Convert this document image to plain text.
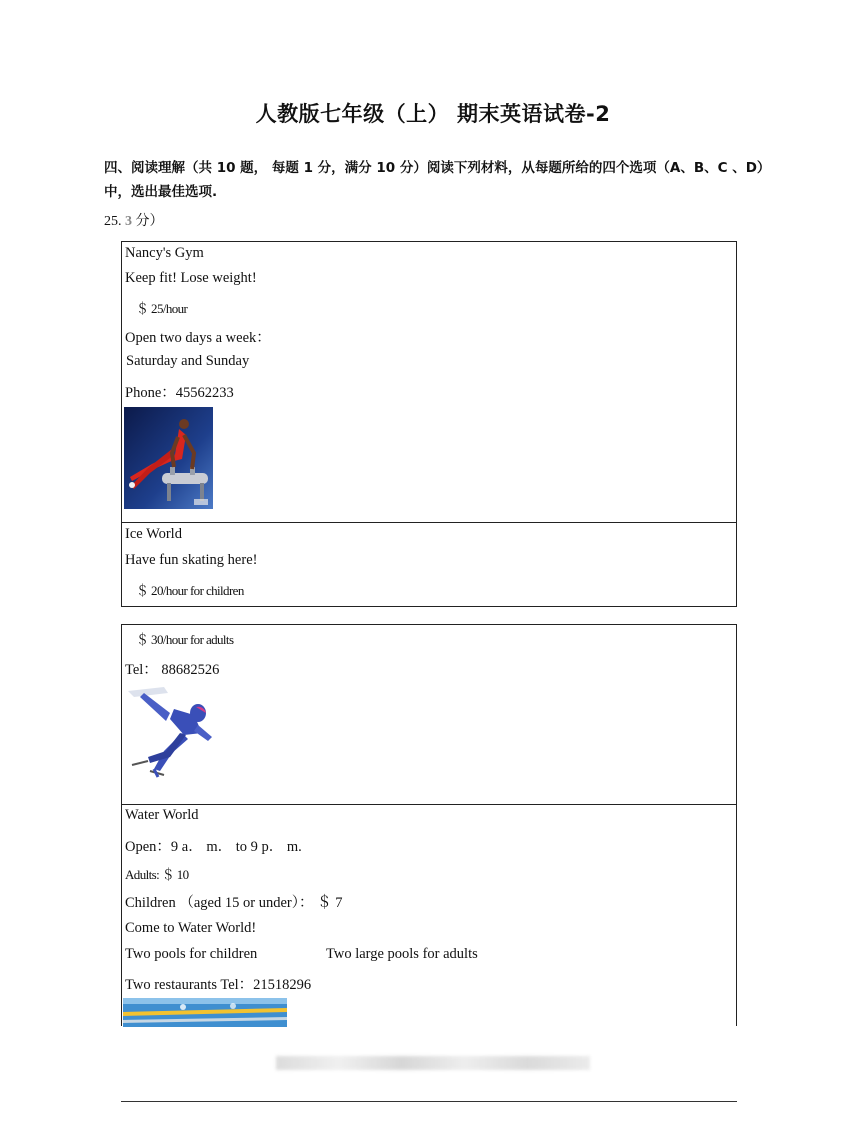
人教版七年级（上） 期末英语试卷-2
四、阅读理解（共 10 题， 每题 1 分，满分 10 分）阅读下列材料，从每题所给的四个选项（A、B、C 、D）中，选出最佳选项.
25. 3 分）
Nancy's Gym
Keep fit! Lose weight!
＄ 25/hour
Open two days a week：
Saturday and Sunday
Phone：45562233
Ice World
Have fun skating here!
＄ 20/hour for children
＄ 30/hour for adults
Tel： 88682526
Water World
Open：9 a． m． to 9 p． m.
Adults: ＄ 10
Children （aged 15 or under）： ＄ 7
Come to Water World!
Two pools for children	Two large pools for adults
Two restaurants Tel：21518296
